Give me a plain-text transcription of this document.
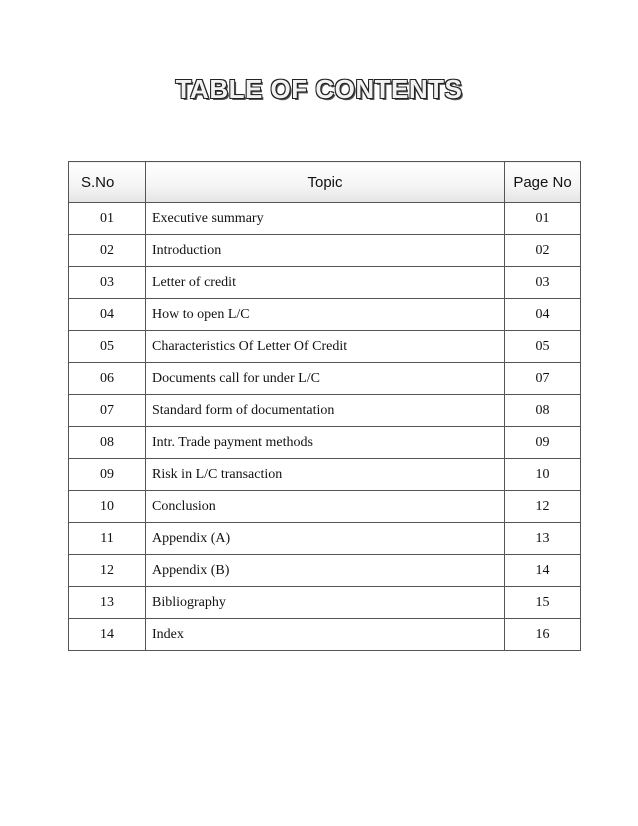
TABLE OF CONTENTS
S.No	Topic	Page No
01	Executive summary	01
02	Introduction	02
03	Letter of credit	03
04	How to open L/C	04
05	Characteristics Of Letter Of Credit	05
06	Documents call for under L/C	07
07	Standard form of documentation	08
08	Intr. Trade payment methods	09
09	Risk in L/C transaction	10
10	Conclusion	12
11	Appendix (A)	13
12	Appendix (B)	14
13	Bibliography	15
14	Index	16
